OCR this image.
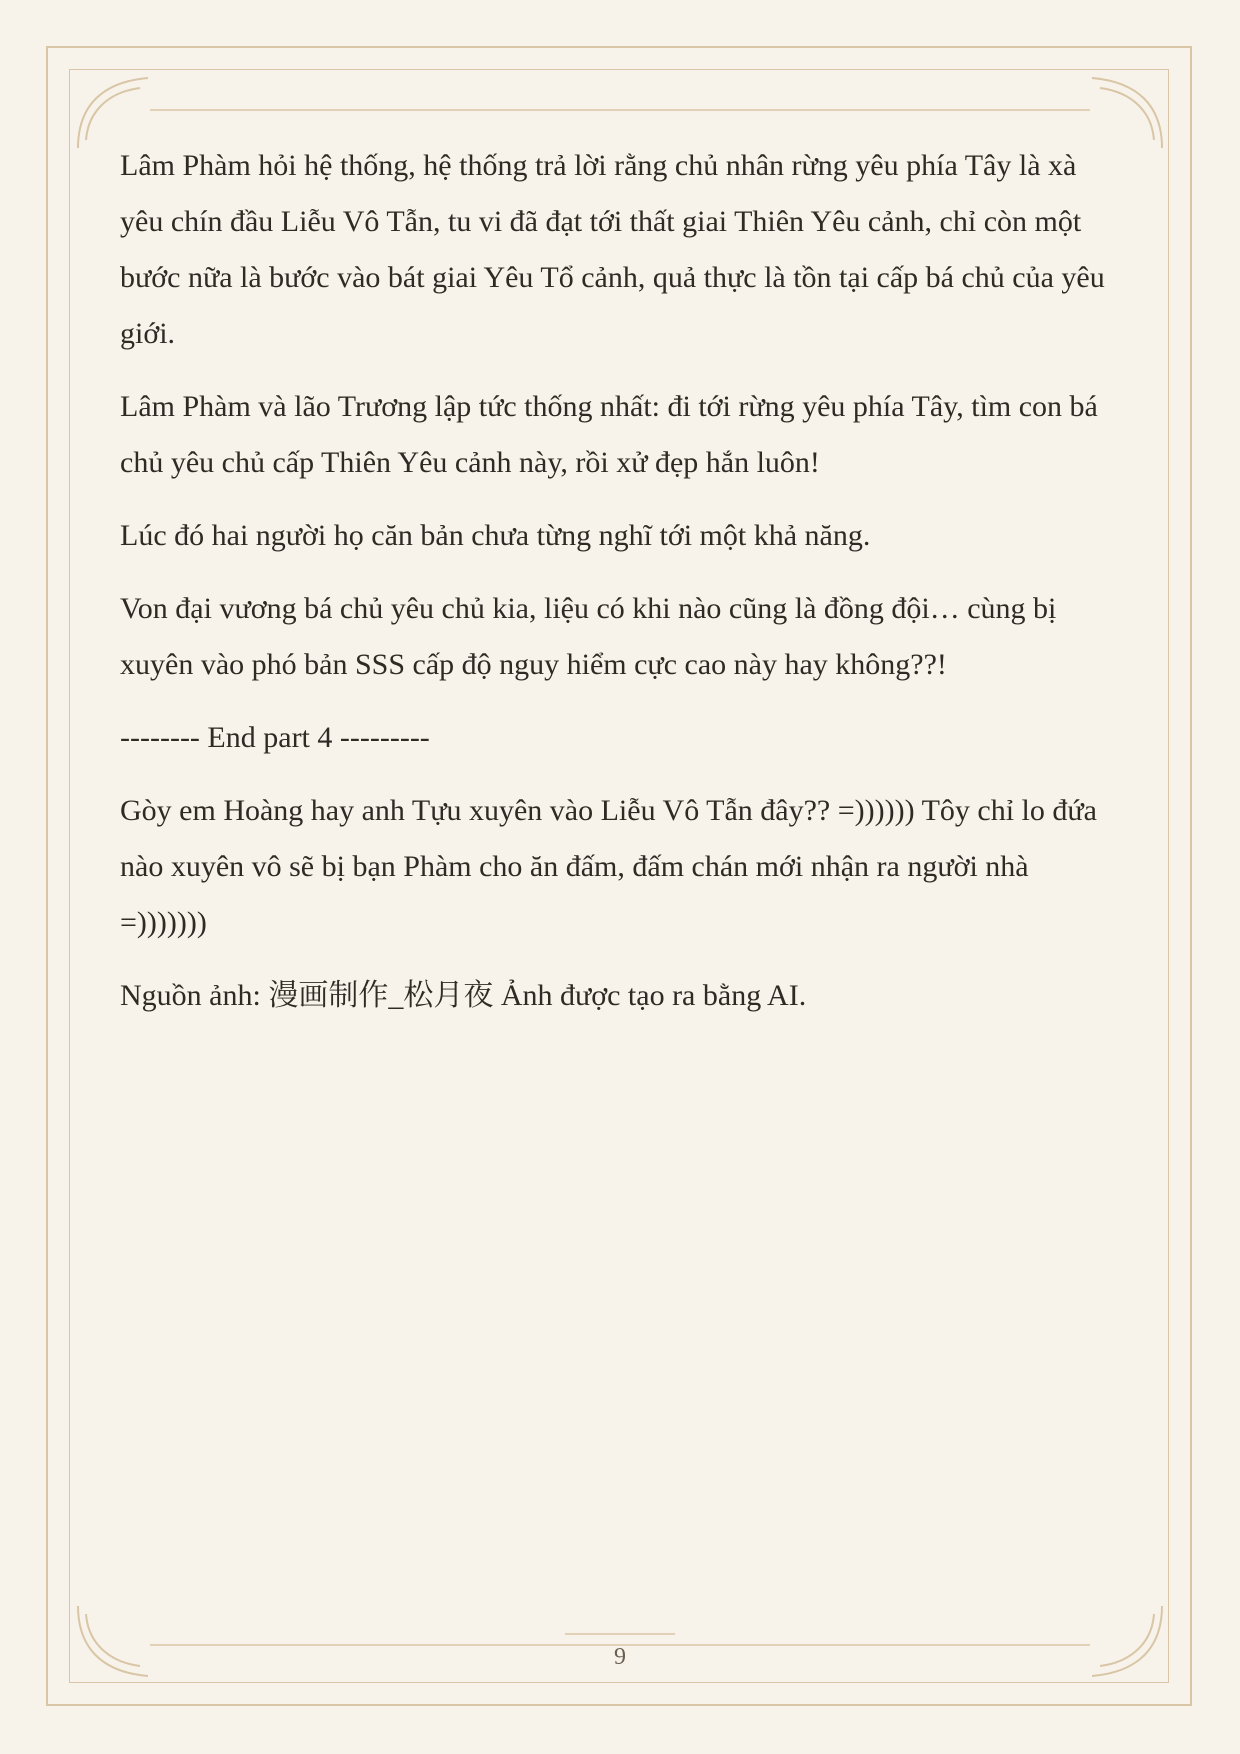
Lâm Phàm hỏi hệ thống, hệ thống trả lời rằng chủ nhân rừng yêu phía Tây là xà yêu chín đầu Liễu Vô Tẫn, tu vi đã đạt tới thất giai Thiên Yêu cảnh, chỉ còn một bước nữa là bước vào bát giai Yêu Tổ cảnh, quả thực là tồn tại cấp bá chủ của yêu giới.

Lâm Phàm và lão Trương lập tức thống nhất: đi tới rừng yêu phía Tây, tìm con bá chủ yêu chủ cấp Thiên Yêu cảnh này, rồi xử đẹp hắn luôn!

Lúc đó hai người họ căn bản chưa từng nghĩ tới một khả năng.

Von đại vương bá chủ yêu chủ kia, liệu có khi nào cũng là đồng đội… cùng bị xuyên vào phó bản SSS cấp độ nguy hiểm cực cao này hay không??!

-------- End part 4 ---------

Gòy em Hoàng hay anh Tựu xuyên vào Liễu Vô Tẫn đây?? =)))))) Tôy chỉ lo đứa nào xuyên vô sẽ bị bạn Phàm cho ăn đấm, đấm chán mới nhận ra người nhà =)))))))

Nguồn ảnh: 漫画制作_松月夜 Ảnh được tạo ra bằng AI.

9
